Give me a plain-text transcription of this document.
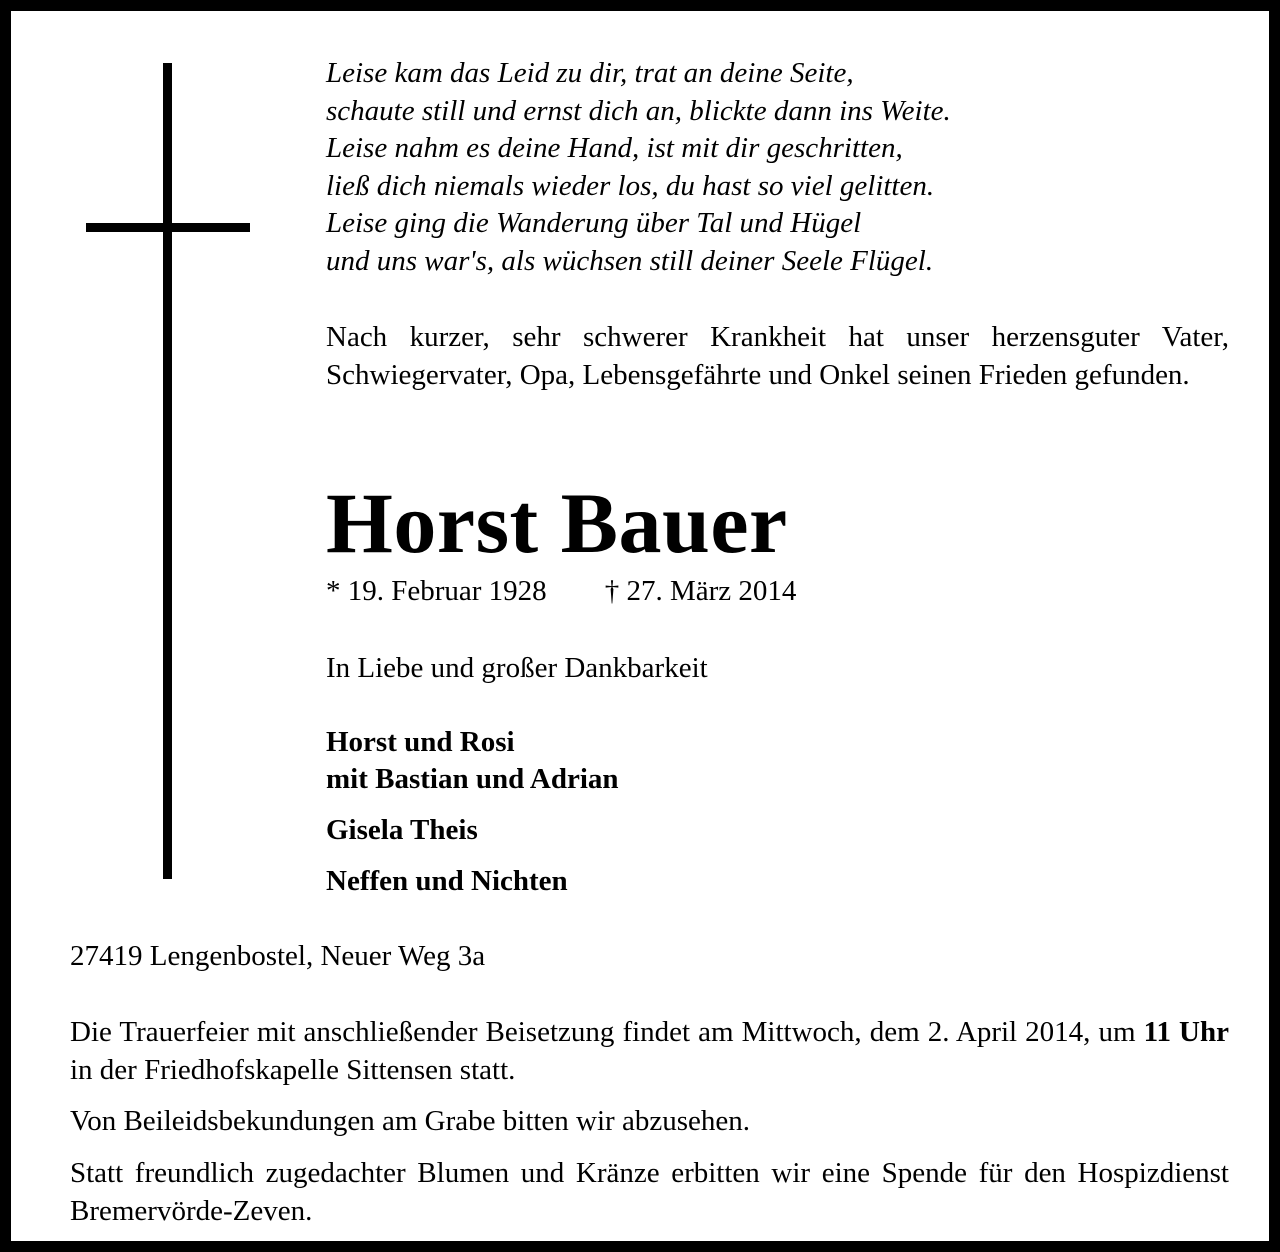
Leise kam das Leid zu dir, trat an deine Seite,
schaute still und ernst dich an, blickte dann ins Weite.
Leise nahm es deine Hand, ist mit dir geschritten,
ließ dich niemals wieder los, du hast so viel gelitten.
Leise ging die Wanderung über Tal und Hügel
und uns war's, als wüchsen still deiner Seele Flügel.
Nach kurzer, sehr schwerer Krankheit hat unser herzensguter Vater, Schwiegervater, Opa, Lebensgefährte und Onkel seinen Frieden gefunden.
Horst Bauer
* 19. Februar 1928 † 27. März 2014
In Liebe und großer Dankbarkeit
Horst und Rosi
mit Bastian und Adrian
Gisela Theis
Neffen und Nichten
27419 Lengenbostel, Neuer Weg 3a
Die Trauerfeier mit anschließender Beisetzung findet am Mittwoch, dem 2. April 2014, um 11 Uhr in der Friedhofskapelle Sittensen statt.
Von Beileidsbekundungen am Grabe bitten wir abzusehen.
Statt freundlich zugedachter Blumen und Kränze erbitten wir eine Spende für den Hospizdienst Bremervörde-Zeven.
